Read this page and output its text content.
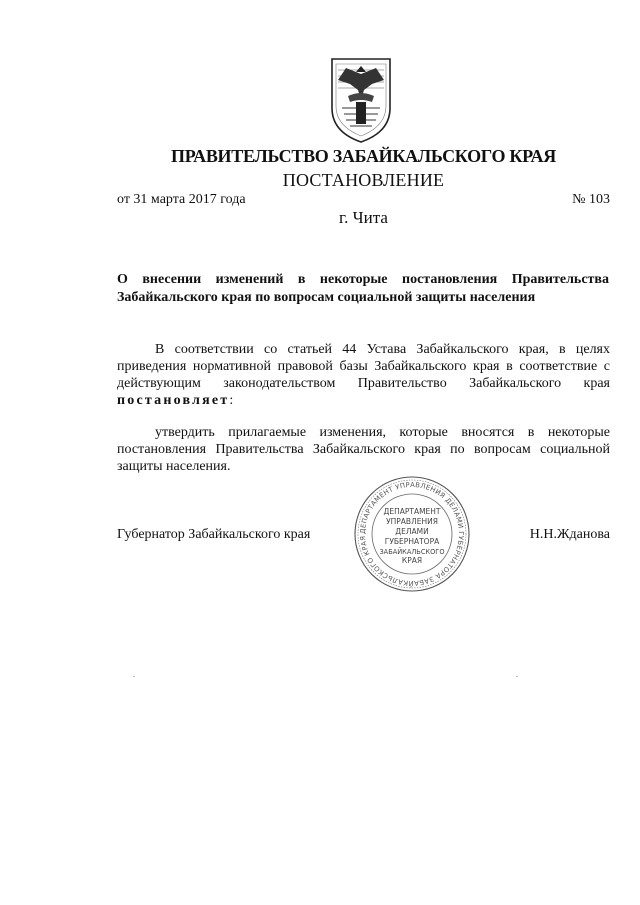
ПРАВИТЕЛЬСТВО ЗАБАЙКАЛЬСКОГО КРАЯ
ПОСТАНОВЛЕНИЕ
от 31 марта 2017 года	№ 103
г. Чита
О внесении изменений в некоторые постановления Правительства Забайкальского края по вопросам социальной защиты населения
В соответствии со статьей 44 Устава Забайкальского края, в целях приведения нормативной правовой базы Забайкальского края в соответствие с действующим законодательством Правительство Забайкальского края постановляет:
утвердить прилагаемые изменения, которые вносятся в некоторые постановления Правительства Забайкальского края по вопросам социальной защиты населения.
Губернатор Забайкальского края	Н.Н.Жданова
ДЕПАРТАМЕНТ УПРАВЛЕНИЯ ДЕЛАМИ ГУБЕРНАТОРА ЗАБАЙКАЛЬСКОГО КРАЯ
ДЕПАРТАМЕНТ
УПРАВЛЕНИЯ
ДЕЛАМИ
ГУБЕРНАТОРА
ЗАБАЙКАЛЬСКОГО
КРАЯ
